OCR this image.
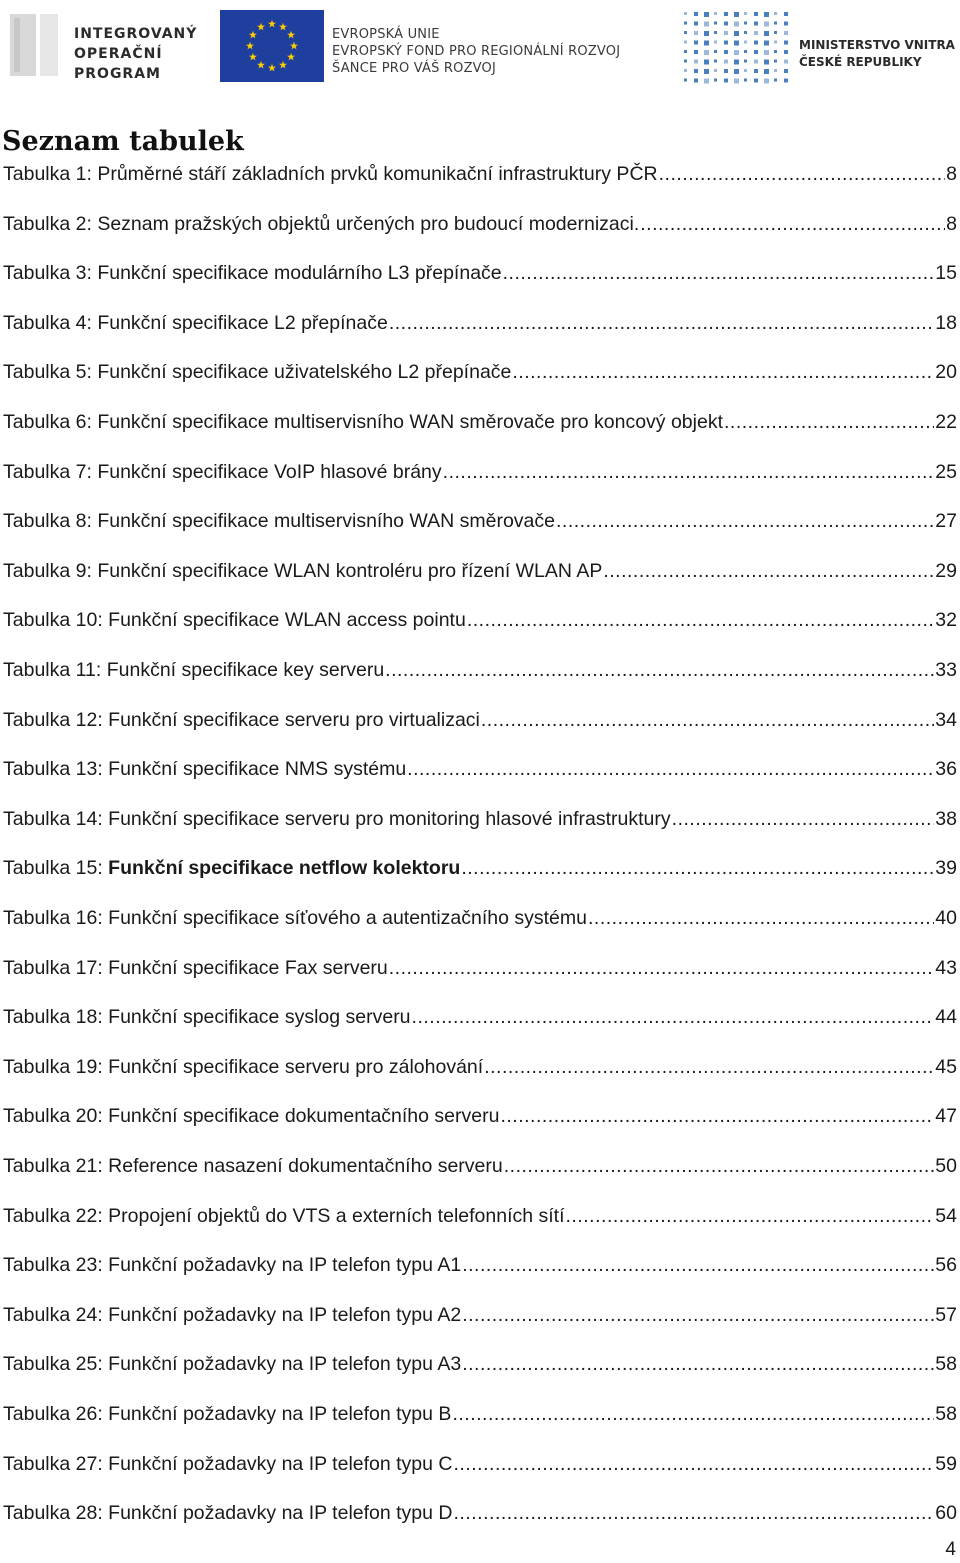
INTEGROVANÝ
OPERAČNÍ
PROGRAM
EVROPSKÁ UNIE
EVROPSKÝ FOND PRO REGIONÁLNÍ ROZVOJ
ŠANCE PRO VÁŠ ROZVOJ
MINISTERSTVO VNITRA
ČESKÉ REPUBLIKY
Seznam tabulek
Tabulka 1: Průměrné stáří základních prvků komunikační infrastruktury PČR .....	8
Tabulka 2: Seznam pražských objektů určených pro budoucí modernizaci. .....	8
Tabulka 3: Funkční specifikace modulárního L3 přepínače .....	15
Tabulka 4: Funkční specifikace L2 přepínače .....	18
Tabulka 5: Funkční specifikace uživatelského L2 přepínače .....	20
Tabulka 6: Funkční specifikace multiservisního WAN směrovače pro koncový objekt .....	22
Tabulka 7: Funkční specifikace VoIP hlasové brány .....	25
Tabulka 8: Funkční specifikace multiservisního WAN směrovače .....	27
Tabulka 9: Funkční specifikace WLAN kontroléru pro řízení WLAN AP .....	29
Tabulka 10: Funkční specifikace WLAN access pointu .....	32
Tabulka 11: Funkční specifikace key serveru .....	33
Tabulka 12: Funkční specifikace serveru pro virtualizaci .....	34
Tabulka 13: Funkční specifikace NMS systému .....	36
Tabulka 14: Funkční specifikace serveru pro monitoring hlasové infrastruktury .....	38
Tabulka 15: Funkční specifikace netflow kolektoru .....	39
Tabulka 16: Funkční specifikace síťového a autentizačního systému .....	40
Tabulka 17: Funkční specifikace Fax serveru .....	43
Tabulka 18: Funkční specifikace syslog serveru .....	44
Tabulka 19: Funkční specifikace serveru pro zálohování .....	45
Tabulka 20: Funkční specifikace dokumentačního serveru .....	47
Tabulka 21: Reference nasazení dokumentačního serveru .....	50
Tabulka 22: Propojení objektů do VTS a externích telefonních sítí .....	54
Tabulka 23: Funkční požadavky na IP telefon typu A1 .....	56
Tabulka 24: Funkční požadavky na IP telefon typu A2 .....	57
Tabulka 25: Funkční požadavky na IP telefon typu A3 .....	58
Tabulka 26: Funkční požadavky na IP telefon typu B .....	58
Tabulka 27: Funkční požadavky na IP telefon typu C .....	59
Tabulka 28: Funkční požadavky na IP telefon typu D .....	60
4
